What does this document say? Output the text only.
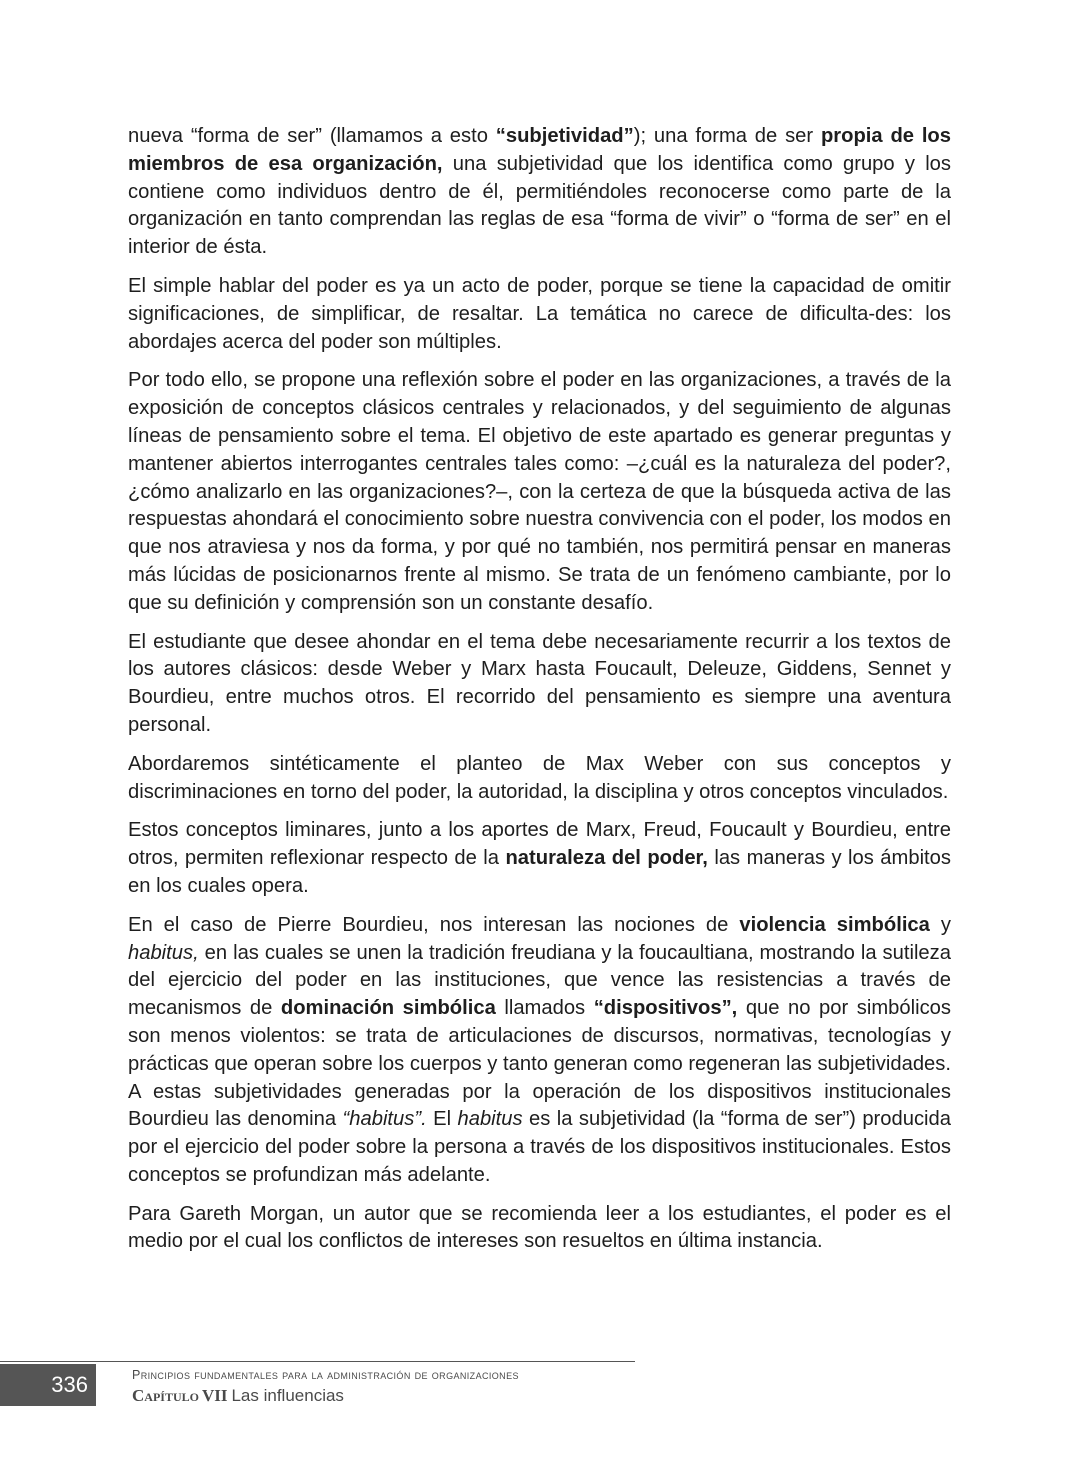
nueva “forma de ser” (llamamos a esto “subjetividad”); una forma de ser propia de los miembros de esa organización, una subjetividad que los identifica como grupo y los contiene como individuos dentro de él, permitiéndoles reconocerse como parte de la organización en tanto comprendan las reglas de esa “forma de vivir” o “forma de ser” en el interior de ésta.

El simple hablar del poder es ya un acto de poder, porque se tiene la capacidad de omitir significaciones, de simplificar, de resaltar. La temática no carece de dificulta-des: los abordajes acerca del poder son múltiples.

Por todo ello, se propone una reflexión sobre el poder en las organizaciones, a través de la exposición de conceptos clásicos centrales y relacionados, y del seguimiento de algunas líneas de pensamiento sobre el tema. El objetivo de este apartado es generar preguntas y mantener abiertos interrogantes centrales tales como: –¿cuál es la naturaleza del poder?, ¿cómo analizarlo en las organizaciones?–, con la certeza de que la búsqueda activa de las respuestas ahondará el conocimiento sobre nuestra convivencia con el poder, los modos en que nos atraviesa y nos da forma, y por qué no también, nos permitirá pensar en maneras más lúcidas de posicionarnos frente al mismo. Se trata de un fenómeno cambiante, por lo que su definición y comprensión son un constante desafío.

El estudiante que desee ahondar en el tema debe necesariamente recurrir a los textos de los autores clásicos: desde Weber y Marx hasta Foucault, Deleuze, Giddens, Sennet y Bourdieu, entre muchos otros. El recorrido del pensamiento es siempre una aventura personal.

Abordaremos sintéticamente el planteo de Max Weber con sus conceptos y discriminaciones en torno del poder, la autoridad, la disciplina y otros conceptos vinculados.

Estos conceptos liminares, junto a los aportes de Marx, Freud, Foucault y Bourdieu, entre otros, permiten reflexionar respecto de la naturaleza del poder, las maneras y los ámbitos en los cuales opera.

En el caso de Pierre Bourdieu, nos interesan las nociones de violencia simbólica y habitus, en las cuales se unen la tradición freudiana y la foucaultiana, mostrando la sutileza del ejercicio del poder en las instituciones, que vence las resistencias a través de mecanismos de dominación simbólica llamados “dispositivos”, que no por simbólicos son menos violentos: se trata de articulaciones de discursos, normativas, tecnologías y prácticas que operan sobre los cuerpos y tanto generan como regeneran las subjetividades. A estas subjetividades generadas por la operación de los dispositivos institucionales Bourdieu las denomina “habitus”. El habitus es la subjetividad (la “forma de ser”) producida por el ejercicio del poder sobre la persona a través de los dispositivos institucionales. Estos conceptos se profundizan más adelante.

Para Gareth Morgan, un autor que se recomienda leer a los estudiantes, el poder es el medio por el cual los conflictos de intereses son resueltos en última instancia.

336	Principios fundamentales para la administración de organizaciones
Capítulo VII Las influencias
